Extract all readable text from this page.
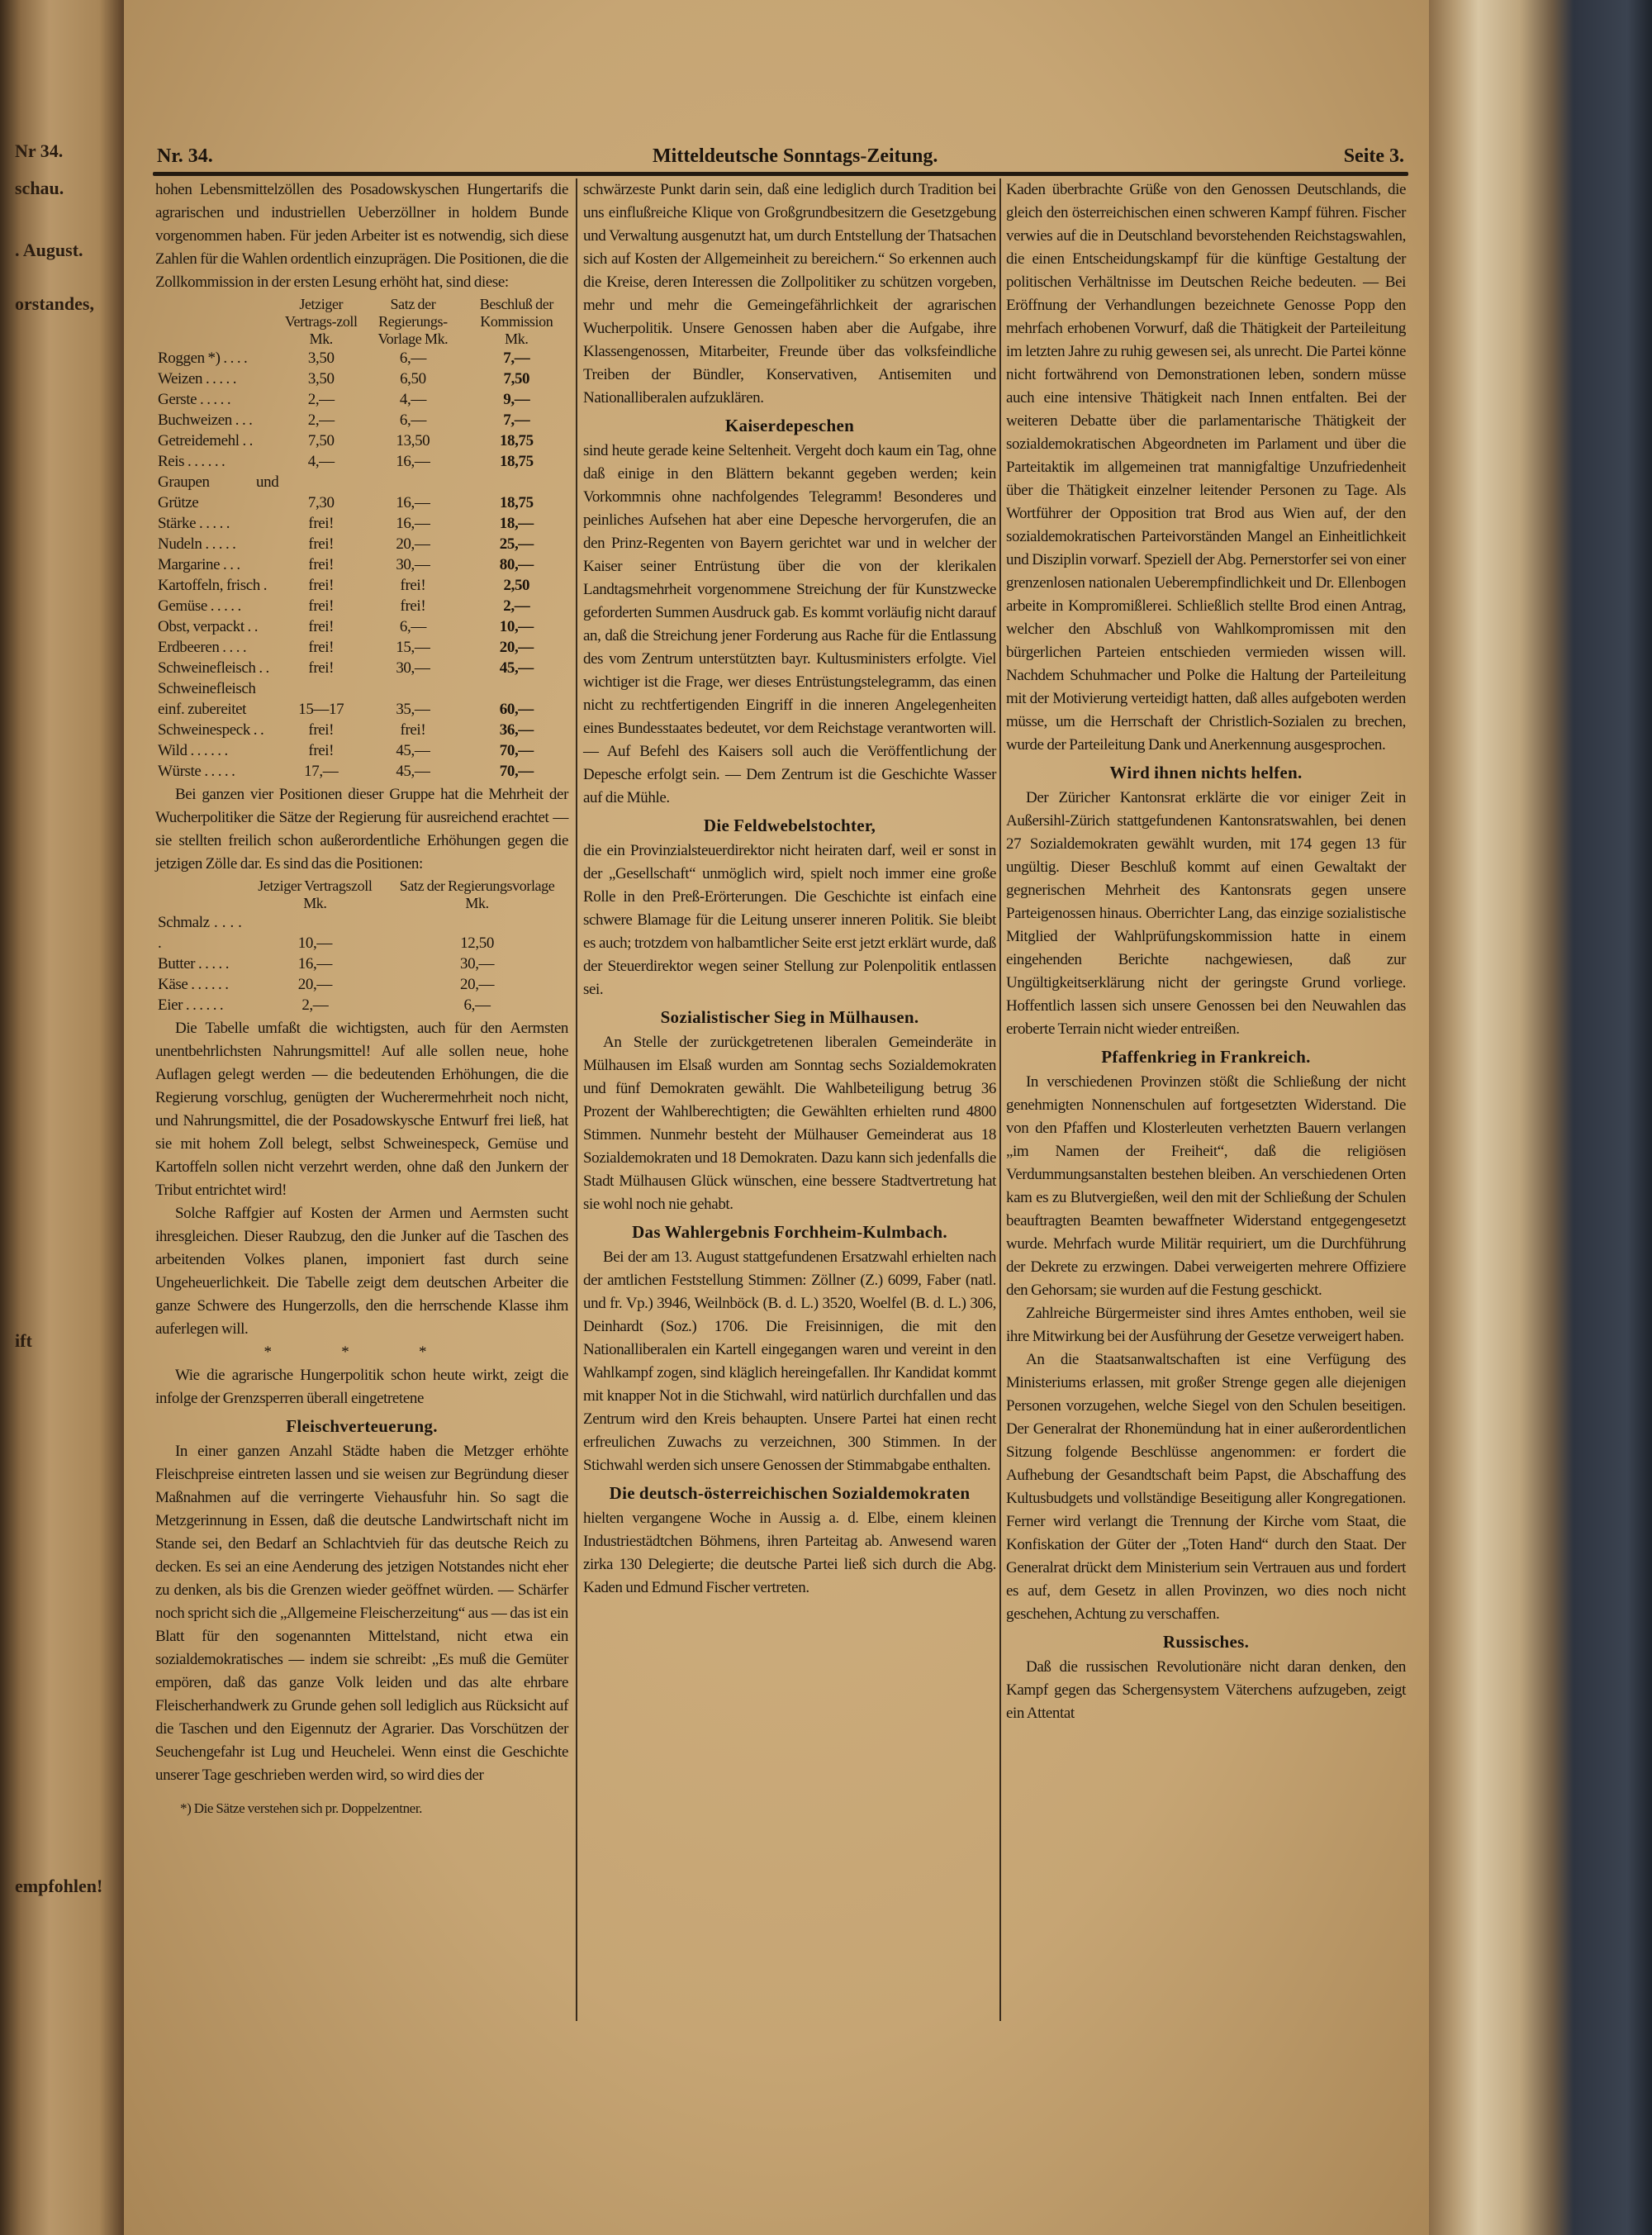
Nr 34.
schau.
. August.
orstandes,
ift
empfohlen!
Nr. 34.	Mitteldeutsche Sonntags-Zeitung.	Seite 3.

hohen Lebensmittelzöllen des Posadowskyschen Hungertarifs die agrarischen und industriellen Ueberzöllner in holdem Bunde vorgenommen haben. Für jeden Arbeiter ist es notwendig, sich diese Zahlen für die Wahlen ordentlich einzuprägen. Die Positionen, die die Zollkommission in der ersten Lesung erhöht hat, sind diese:

	Jetziger Vertrags-zoll Mk.	Satz der Regierungs-Vorlage Mk.	Beschluß der Kommission Mk.
Roggen *) . . . .	3,50	6,—	7,—
Weizen . . . . .	3,50	6,50	7,50
Gerste . . . . .	2,—	4,—	9,—
Buchweizen . . .	2,—	6,—	7,—
Getreidemehl . .	7,50	13,50	18,75
Reis . . . . . .	4,—	16,—	18,75
Graupen und Grütze	7,30	16,—	18,75
Stärke . . . . .	frei!	16,—	18,—
Nudeln . . . . .	frei!	20,—	25,—
Margarine . . .	frei!	30,—	80,—
Kartoffeln, frisch .	frei!	frei!	2,50
Gemüse . . . . .	frei!	frei!	2,—
Obst, verpackt . .	frei!	6,—	10,—
Erdbeeren . . . .	frei!	15,—	20,—
Schweinefleisch . .	frei!	30,—	45,—
Schweinefleisch einf. zubereitet	15—17	35,—	60,—
Schweinespeck . .	frei!	frei!	36,—
Wild . . . . . .	frei!	45,—	70,—
Würste . . . . .	17,—	45,—	70,—

Bei ganzen vier Positionen dieser Gruppe hat die Mehrheit der Wucherpolitiker die Sätze der Regierung für ausreichend erachtet — sie stellten freilich schon außerordentliche Erhöhungen gegen die jetzigen Zölle dar. Es sind das die Positionen:

	Jetziger Vertragszoll Mk.	Satz der Regierungsvorlage Mk.
Schmalz . . . . .	10,—	12,50
Butter . . . . .	16,—	30,—
Käse . . . . . .	20,—	20,—
Eier . . . . . .	2,—	6,—

Die Tabelle umfaßt die wichtigsten, auch für den Aermsten unentbehrlichsten Nahrungsmittel! Auf alle sollen neue, hohe Auflagen gelegt werden — die bedeutenden Erhöhungen, die die Regierung vorschlug, genügten der Wucherermehrheit noch nicht, und Nahrungsmittel, die der Posadowskysche Entwurf frei ließ, hat sie mit hohem Zoll belegt, selbst Schweinespeck, Gemüse und Kartoffeln sollen nicht verzehrt werden, ohne daß den Junkern der Tribut entrichtet wird!

Solche Raffgier auf Kosten der Armen und Aermsten sucht ihresgleichen. Dieser Raubzug, den die Junker auf die Taschen des arbeitenden Volkes planen, imponiert fast durch seine Ungeheuerlichkeit. Die Tabelle zeigt dem deutschen Arbeiter die ganze Schwere des Hungerzolls, den die herrschende Klasse ihm auferlegen will.

* * *

Wie die agrarische Hungerpolitik schon heute wirkt, zeigt die infolge der Grenzsperren überall eingetretene

Fleischverteuerung.

In einer ganzen Anzahl Städte haben die Metzger erhöhte Fleischpreise eintreten lassen und sie weisen zur Begründung dieser Maßnahmen auf die verringerte Viehausfuhr hin. So sagt die Metzgerinnung in Essen, daß die deutsche Landwirtschaft nicht im Stande sei, den Bedarf an Schlachtvieh für das deutsche Reich zu decken. Es sei an eine Aenderung des jetzigen Notstandes nicht eher zu denken, als bis die Grenzen wieder geöffnet würden. — Schärfer noch spricht sich die „Allgemeine Fleischerzeitung“ aus — das ist ein Blatt für den sogenannten Mittelstand, nicht etwa ein sozialdemokratisches — indem sie schreibt: „Es muß die Gemüter empören, daß das ganze Volk leiden und das alte ehrbare Fleischerhandwerk zu Grunde gehen soll lediglich aus Rücksicht auf die Taschen und den Eigennutz der Agrarier. Das Vorschützen der Seuchengefahr ist Lug und Heuchelei. Wenn einst die Geschichte unserer Tage geschrieben werden wird, so wird dies der

*) Die Sätze verstehen sich pr. Doppelzentner.

schwärzeste Punkt darin sein, daß eine lediglich durch Tradition bei uns einflußreiche Klique von Großgrundbesitzern die Gesetzgebung und Verwaltung ausgenutzt hat, um durch Entstellung der Thatsachen sich auf Kosten der Allgemeinheit zu bereichern.“ So erkennen auch die Kreise, deren Interessen die Zollpolitiker zu schützen vorgeben, mehr und mehr die Gemeingefährlichkeit der agrarischen Wucherpolitik. Unsere Genossen haben aber die Aufgabe, ihre Klassengenossen, Mitarbeiter, Freunde über das volksfeindliche Treiben der Bündler, Konservativen, Antisemiten und Nationalliberalen aufzuklären.

Kaiserdepeschen

sind heute gerade keine Seltenheit. Vergeht doch kaum ein Tag, ohne daß einige in den Blättern bekannt gegeben werden; kein Vorkommnis ohne nachfolgendes Telegramm! Besonderes und peinliches Aufsehen hat aber eine Depesche hervorgerufen, die an den Prinz-Regenten von Bayern gerichtet war und in welcher der Kaiser seiner Entrüstung über die von der klerikalen Landtagsmehrheit vorgenommene Streichung der für Kunstzwecke geforderten Summen Ausdruck gab. Es kommt vorläufig nicht darauf an, daß die Streichung jener Forderung aus Rache für die Entlassung des vom Zentrum unterstützten bayr. Kultusministers erfolgte. Viel wichtiger ist die Frage, wer dieses Entrüstungstelegramm, das einen nicht zu rechtfertigenden Eingriff in die inneren Angelegenheiten eines Bundesstaates bedeutet, vor dem Reichstage verantworten will. — Auf Befehl des Kaisers soll auch die Veröffentlichung der Depesche erfolgt sein. — Dem Zentrum ist die Geschichte Wasser auf die Mühle.

Die Feldwebelstochter,

die ein Provinzialsteuerdirektor nicht heiraten darf, weil er sonst in der „Gesellschaft“ unmöglich wird, spielt noch immer eine große Rolle in den Preß-Erörterungen. Die Geschichte ist einfach eine schwere Blamage für die Leitung unserer inneren Politik. Sie bleibt es auch; trotzdem von halbamtlicher Seite erst jetzt erklärt wurde, daß der Steuerdirektor wegen seiner Stellung zur Polenpolitik entlassen sei.

Sozialistischer Sieg in Mülhausen.

An Stelle der zurückgetretenen liberalen Gemeinderäte in Mülhausen im Elsaß wurden am Sonntag sechs Sozialdemokraten und fünf Demokraten gewählt. Die Wahlbeteiligung betrug 36 Prozent der Wahlberechtigten; die Gewählten erhielten rund 4800 Stimmen. Nunmehr besteht der Mülhauser Gemeinderat aus 18 Sozialdemokraten und 18 Demokraten. Dazu kann sich jedenfalls die Stadt Mülhausen Glück wünschen, eine bessere Stadtvertretung hat sie wohl noch nie gehabt.

Das Wahlergebnis Forchheim-Kulmbach.

Bei der am 13. August stattgefundenen Ersatzwahl erhielten nach der amtlichen Feststellung Stimmen: Zöllner (Z.) 6099, Faber (natl. und fr. Vp.) 3946, Weilnböck (B. d. L.) 3520, Woelfel (B. d. L.) 306, Deinhardt (Soz.) 1706. Die Freisinnigen, die mit den Nationalliberalen ein Kartell eingegangen waren und vereint in den Wahlkampf zogen, sind kläglich hereingefallen. Ihr Kandidat kommt mit knapper Not in die Stichwahl, wird natürlich durchfallen und das Zentrum wird den Kreis behaupten. Unsere Partei hat einen recht erfreulichen Zuwachs zu verzeichnen, 300 Stimmen. In der Stichwahl werden sich unsere Genossen der Stimmabgabe enthalten.

Die deutsch-österreichischen Sozialdemokraten

hielten vergangene Woche in Aussig a. d. Elbe, einem kleinen Industriestädtchen Böhmens, ihren Parteitag ab. Anwesend waren zirka 130 Delegierte; die deutsche Partei ließ sich durch die Abg. Kaden und Edmund Fischer vertreten.

Kaden überbrachte Grüße von den Genossen Deutschlands, die gleich den österreichischen einen schweren Kampf führen. Fischer verwies auf die in Deutschland bevorstehenden Reichstagswahlen, die einen Entscheidungskampf für die künftige Gestaltung der politischen Verhältnisse im Deutschen Reiche bedeuten. — Bei Eröffnung der Verhandlungen bezeichnete Genosse Popp den mehrfach erhobenen Vorwurf, daß die Thätigkeit der Parteileitung im letzten Jahre zu ruhig gewesen sei, als unrecht. Die Partei könne nicht fortwährend von Demonstrationen leben, sondern müsse auch eine intensive Thätigkeit nach Innen entfalten. Bei der weiteren Debatte über die parlamentarische Thätigkeit der sozialdemokratischen Abgeordneten im Parlament und über die Parteitaktik im allgemeinen trat mannigfaltige Unzufriedenheit über die Thätigkeit einzelner leitender Personen zu Tage. Als Wortführer der Opposition trat Brod aus Wien auf, der den sozialdemokratischen Parteivorständen Mangel an Einheitlichkeit und Disziplin vorwarf. Speziell der Abg. Pernerstorfer sei von einer grenzenlosen nationalen Ueberempfindlichkeit und Dr. Ellenbogen arbeite in Kompromißlerei. Schließlich stellte Brod einen Antrag, welcher den Abschluß von Wahlkompromissen mit den bürgerlichen Parteien entschieden vermieden wissen will. Nachdem Schuhmacher und Polke die Haltung der Parteileitung mit der Motivierung verteidigt hatten, daß alles aufgeboten werden müsse, um die Herrschaft der Christlich-Sozialen zu brechen, wurde der Parteileitung Dank und Anerkennung ausgesprochen.

Wird ihnen nichts helfen.

Der Züricher Kantonsrat erklärte die vor einiger Zeit in Außersihl-Zürich stattgefundenen Kantonsratswahlen, bei denen 27 Sozialdemokraten gewählt wurden, mit 174 gegen 13 für ungültig. Dieser Beschluß kommt auf einen Gewaltakt der gegnerischen Mehrheit des Kantonsrats gegen unsere Parteigenossen hinaus. Oberrichter Lang, das einzige sozialistische Mitglied der Wahlprüfungskommission hatte in einem eingehenden Berichte nachgewiesen, daß zur Ungültigkeitserklärung nicht der geringste Grund vorliege. Hoffentlich lassen sich unsere Genossen bei den Neuwahlen das eroberte Terrain nicht wieder entreißen.

Pfaffenkrieg in Frankreich.

In verschiedenen Provinzen stößt die Schließung der nicht genehmigten Nonnenschulen auf fortgesetzten Widerstand. Die von den Pfaffen und Klosterleuten verhetzten Bauern verlangen „im Namen der Freiheit“, daß die religiösen Verdummungsanstalten bestehen bleiben. An verschiedenen Orten kam es zu Blutvergießen, weil den mit der Schließung der Schulen beauftragten Beamten bewaffneter Widerstand entgegengesetzt wurde. Mehrfach wurde Militär requiriert, um die Durchführung der Dekrete zu erzwingen. Dabei verweigerten mehrere Offiziere den Gehorsam; sie wurden auf die Festung geschickt.

Zahlreiche Bürgermeister sind ihres Amtes enthoben, weil sie ihre Mitwirkung bei der Ausführung der Gesetze verweigert haben.

An die Staatsanwaltschaften ist eine Verfügung des Ministeriums erlassen, mit großer Strenge gegen alle diejenigen Personen vorzugehen, welche Siegel von den Schulen beseitigen. Der Generalrat der Rhonemündung hat in einer außerordentlichen Sitzung folgende Beschlüsse angenommen: er fordert die Aufhebung der Gesandtschaft beim Papst, die Abschaffung des Kultusbudgets und vollständige Beseitigung aller Kongregationen. Ferner wird verlangt die Trennung der Kirche vom Staat, die Konfiskation der Güter der „Toten Hand“ durch den Staat. Der Generalrat drückt dem Ministerium sein Vertrauen aus und fordert es auf, dem Gesetz in allen Provinzen, wo dies noch nicht geschehen, Achtung zu verschaffen.

Russisches.

Daß die russischen Revolutionäre nicht daran denken, den Kampf gegen das Schergensystem Väterchens aufzugeben, zeigt ein Attentat
